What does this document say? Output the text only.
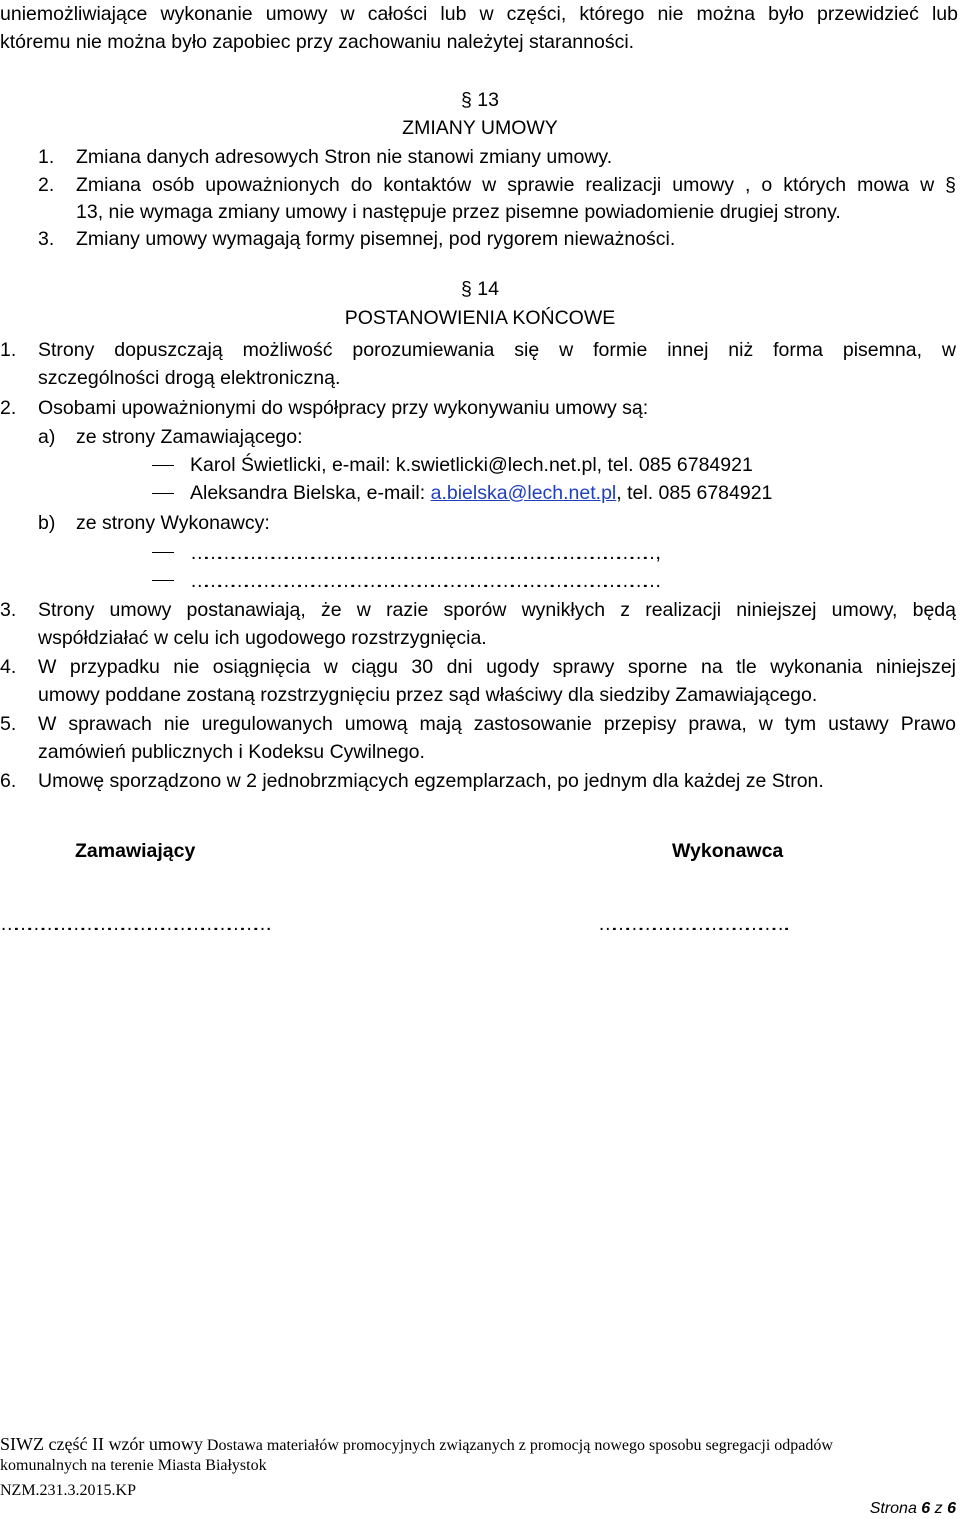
uniemożliwiające wykonanie umowy w całości lub w części, którego nie można było przewidzieć lub
któremu nie można było zapobiec przy zachowaniu należytej staranności.
§ 13
ZMIANY UMOWY
1. Zmiana danych adresowych Stron nie stanowi zmiany umowy.
2. Zmiana osób upoważnionych do kontaktów w sprawie realizacji umowy , o których mowa w §
13, nie wymaga zmiany umowy i następuje przez pisemne powiadomienie drugiej strony.
3. Zmiany umowy wymagają formy pisemnej, pod rygorem nieważności.
§ 14
POSTANOWIENIA KOŃCOWE
1. Strony dopuszczają możliwość porozumiewania się w formie innej niż forma pisemna, w
szczególności drogą elektroniczną.
2. Osobami upoważnionymi do współpracy przy wykonywaniu umowy są:
a) ze strony Zamawiającego:
Karol Świetlicki, e-mail: k.swietlicki@lech.net.pl, tel. 085 6784921
Aleksandra Bielska, e-mail: a.bielska@lech.net.pl, tel. 085 6784921
b) ze strony Wykonawcy:
……………………………………………………………………………………………,
……………………………………………………………………………………………
3. Strony umowy postanawiają, że w razie sporów wynikłych z realizacji niniejszej umowy, będą
współdziałać w celu ich ugodowego rozstrzygnięcia.
4. W przypadku nie osiągnięcia w ciągu 30 dni ugody sprawy sporne na tle wykonania niniejszej
umowy poddane zostaną rozstrzygnięciu przez sąd właściwy dla siedziby Zamawiającego.
5. W sprawach nie uregulowanych umową mają zastosowanie przepisy prawa, w tym ustawy Prawo
zamówień publicznych i Kodeksu Cywilnego.
6. Umowę sporządzono w 2 jednobrzmiących egzemplarzach, po jednym dla każdej ze Stron.
Zamawiający	Wykonawca
…………………………………………………….	……………………………………..
SIWZ część II wzór umowy Dostawa materiałów promocyjnych związanych z promocją nowego sposobu segregacji odpadów
komunalnych na terenie Miasta Białystok
NZM.231.3.2015.KP
Strona 6 z 6
